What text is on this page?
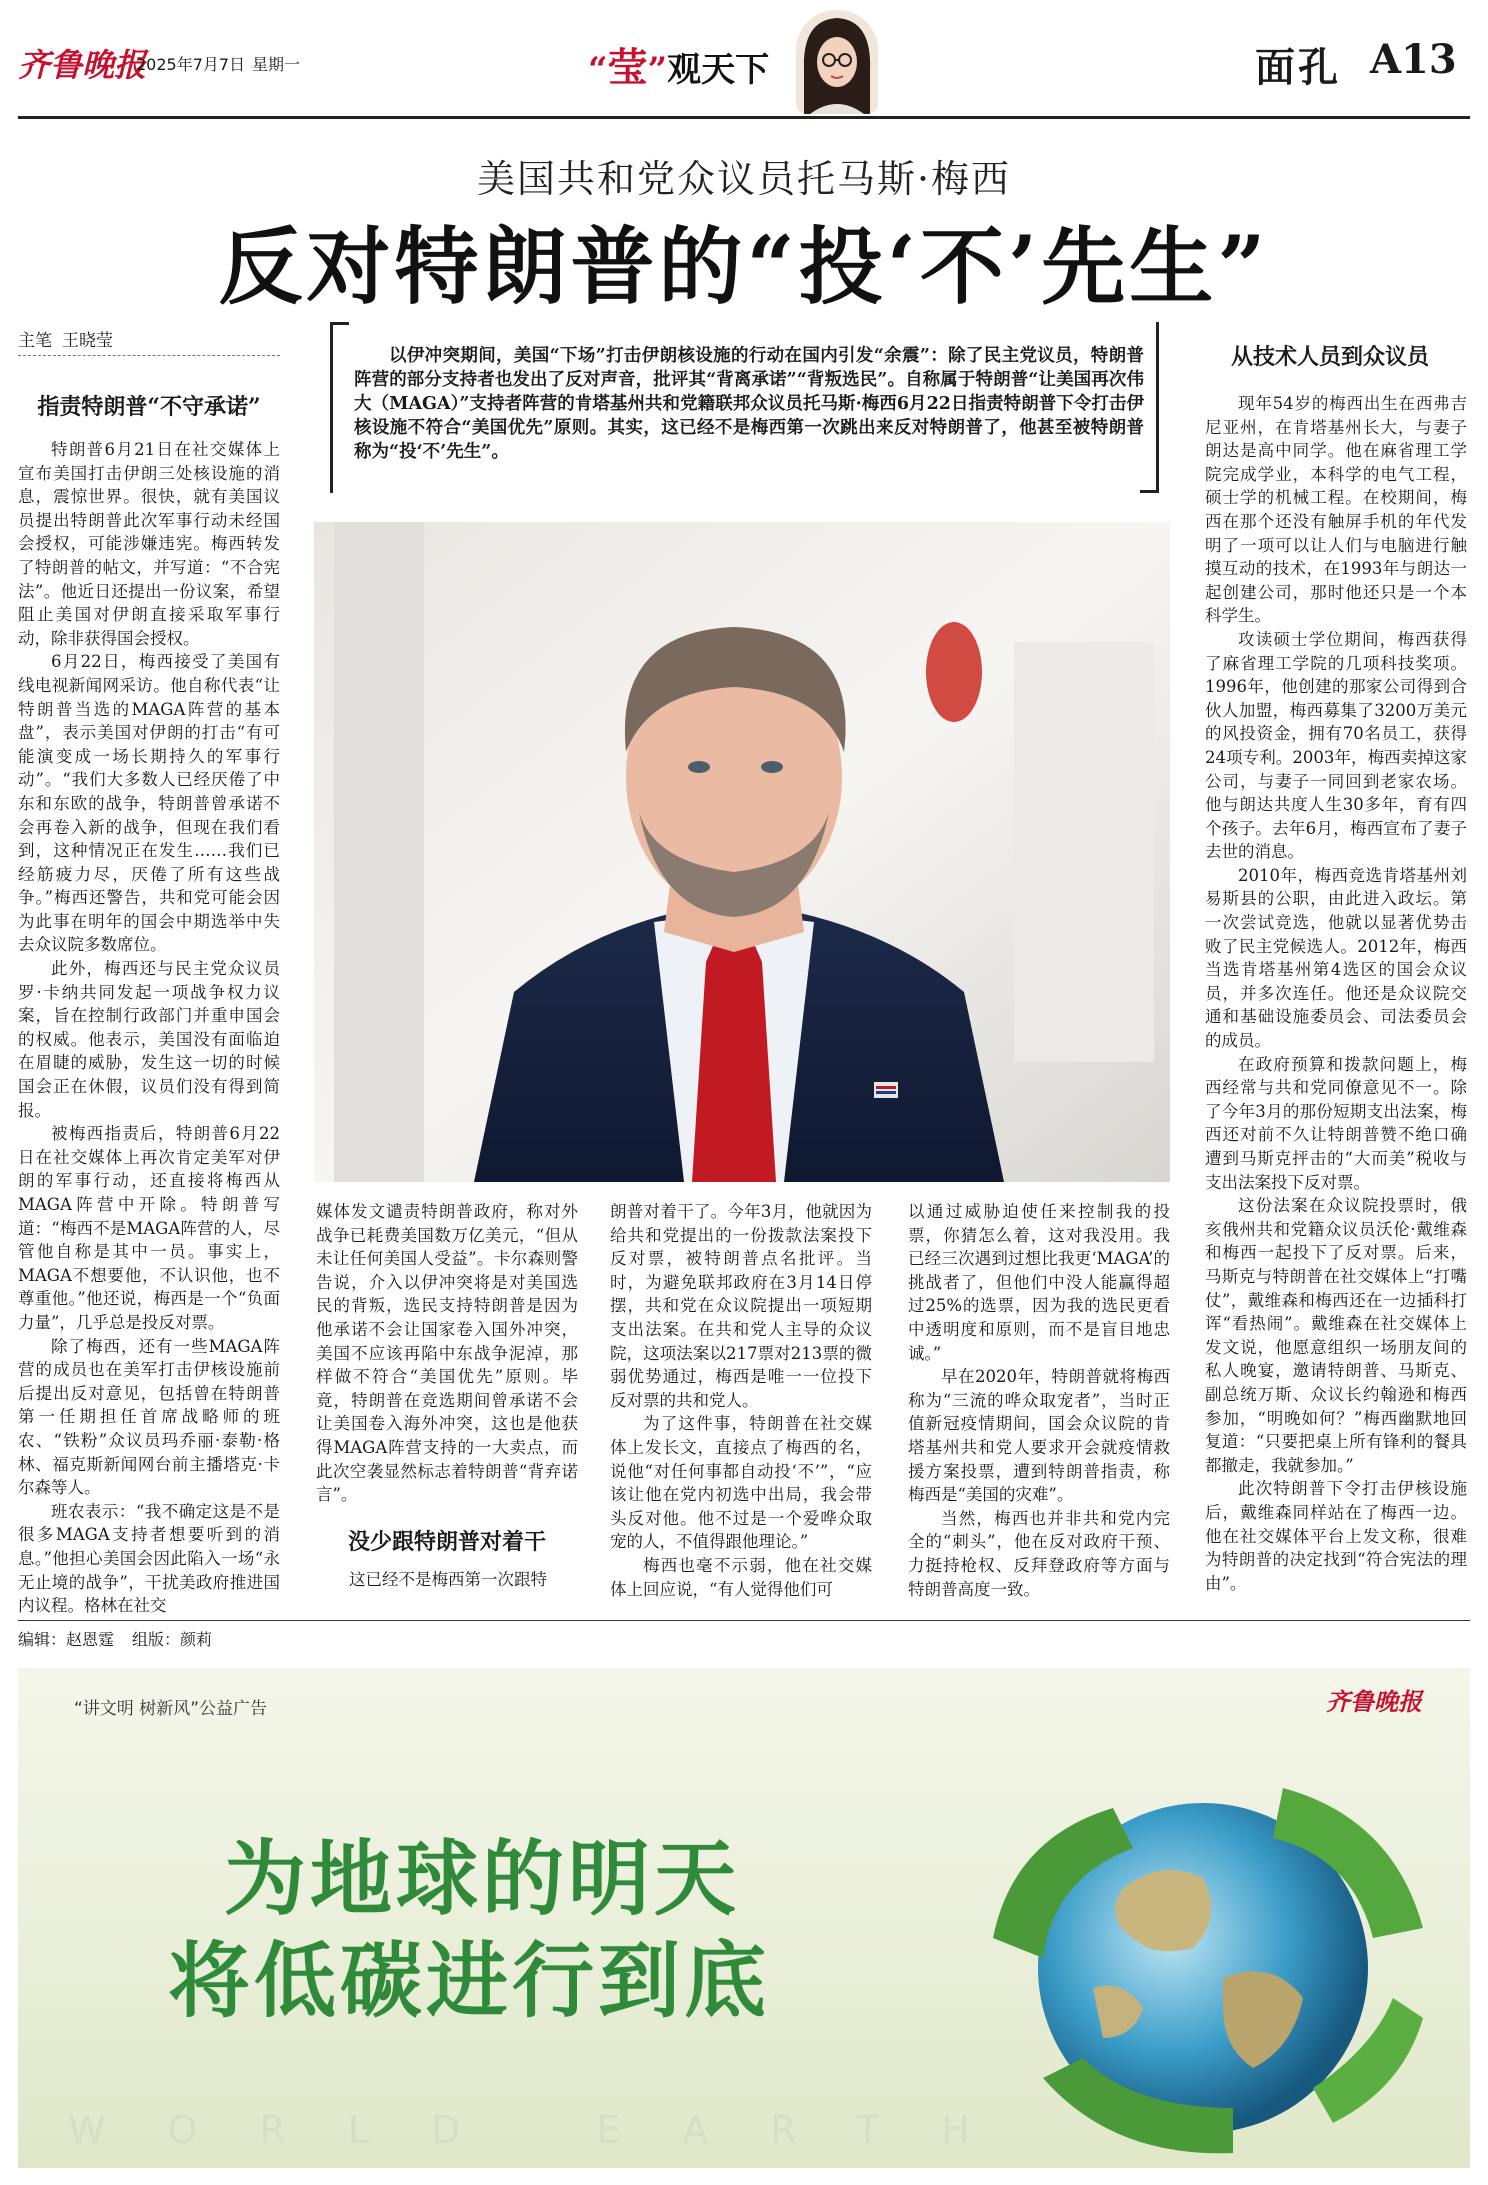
齐鲁晚报
2025年7月7日 星期一	“莹”观天下	面孔 A13
美国共和党众议员托马斯·梅西
反对特朗普的“投‘不’先生”
主笔 王晓莹
以伊冲突期间，美国“下场”打击伊朗核设施的行动在国内引发“余震”：除了民主党议员，特朗普阵营的部分支持者也发出了反对声音，批评其“背离承诺”“背叛选民”。自称属于特朗普“让美国再次伟大（MAGA）”支持者阵营的肯塔基州共和党籍联邦众议员托马斯·梅西6月22日指责特朗普下令打击伊核设施不符合“美国优先”原则。其实，这已经不是梅西第一次跳出来反对特朗普了，他甚至被特朗普称为“投‘不’先生”。
指责特朗普“不守承诺”

特朗普6月21日在社交媒体上宣布美国打击伊朗三处核设施的消息，震惊世界。很快，就有美国议员提出特朗普此次军事行动未经国会授权，可能涉嫌违宪。梅西转发了特朗普的帖文，并写道：“不合宪法”。他近日还提出一份议案，希望阻止美国对伊朗直接采取军事行动，除非获得国会授权。

6月22日，梅西接受了美国有线电视新闻网采访。他自称代表“让特朗普当选的MAGA阵营的基本盘”，表示美国对伊朗的打击“有可能演变成一场长期持久的军事行动”。“我们大多数人已经厌倦了中东和东欧的战争，特朗普曾承诺不会再卷入新的战争，但现在我们看到，这种情况正在发生……我们已经筋疲力尽，厌倦了所有这些战争。”梅西还警告，共和党可能会因为此事在明年的国会中期选举中失去众议院多数席位。

此外，梅西还与民主党众议员罗·卡纳共同发起一项战争权力议案，旨在控制行政部门并重申国会的权威。他表示，美国没有面临迫在眉睫的威胁，发生这一切的时候国会正在休假，议员们没有得到简报。

被梅西指责后，特朗普6月22日在社交媒体上再次肯定美军对伊朗的军事行动，还直接将梅西从MAGA阵营中开除。特朗普写道：“梅西不是MAGA阵营的人，尽管他自称是其中一员。事实上，MAGA不想要他，不认识他，也不尊重他。”他还说，梅西是一个“负面力量”，几乎总是投反对票。

除了梅西，还有一些MAGA阵营的成员也在美军打击伊核设施前后提出反对意见，包括曾在特朗普第一任期担任首席战略师的班农、“铁粉”众议员玛乔丽·泰勒·格林、福克斯新闻网台前主播塔克·卡尔森等人。

班农表示：“我不确定这是不是很多MAGA支持者想要听到的消息。”他担心美国会因此陷入一场“永无止境的战争”，干扰美政府推进国内议程。格林在社交

媒体发文谴责特朗普政府，称对外战争已耗费美国数万亿美元，“但从未让任何美国人受益”。卡尔森则警告说，介入以伊冲突将是对美国选民的背叛，选民支持特朗普是因为他承诺不会让国家卷入国外冲突，美国不应该再陷中东战争泥淖，那样做不符合“美国优先”原则。毕竟，特朗普在竞选期间曾承诺不会让美国卷入海外冲突，这也是他获得MAGA阵营支持的一大卖点，而此次空袭显然标志着特朗普“背弃诺言”。

没少跟特朗普对着干

这已经不是梅西第一次跟特

朗普对着干了。今年3月，他就因为给共和党提出的一份拨款法案投下反对票，被特朗普点名批评。当时，为避免联邦政府在3月14日停摆，共和党在众议院提出一项短期支出法案。在共和党人主导的众议院，这项法案以217票对213票的微弱优势通过，梅西是唯一一位投下反对票的共和党人。

为了这件事，特朗普在社交媒体上发长文，直接点了梅西的名，说他“对任何事都自动投‘不’”，“应该让他在党内初选中出局，我会带头反对他。他不过是一个爱哗众取宠的人，不值得跟他理论。”

梅西也毫不示弱，他在社交媒体上回应说，“有人觉得他们可

以通过威胁迫使任来控制我的投票，你猜怎么着，这对我没用。我已经三次遇到过想比我更‘MAGA’的挑战者了，但他们中没人能赢得超过25%的选票，因为我的选民更看中透明度和原则，而不是盲目地忠诚。”

早在2020年，特朗普就将梅西称为“三流的哗众取宠者”，当时正值新冠疫情期间，国会众议院的肯塔基州共和党人要求开会就疫情救援方案投票，遭到特朗普指责，称梅西是“美国的灾难”。

当然，梅西也并非共和党内完全的“刺头”，他在反对政府干预、力挺持枪权、反拜登政府等方面与特朗普高度一致。

从技术人员到众议员

现年54岁的梅西出生在西弗吉尼亚州，在肯塔基州长大，与妻子朗达是高中同学。他在麻省理工学院完成学业，本科学的电气工程，硕士学的机械工程。在校期间，梅西在那个还没有触屏手机的年代发明了一项可以让人们与电脑进行触摸互动的技术，在1993年与朗达一起创建公司，那时他还只是一个本科学生。

攻读硕士学位期间，梅西获得了麻省理工学院的几项科技奖项。1996年，他创建的那家公司得到合伙人加盟，梅西募集了3200万美元的风投资金，拥有70名员工，获得24项专利。2003年，梅西卖掉这家公司，与妻子一同回到老家农场。他与朗达共度人生30多年，育有四个孩子。去年6月，梅西宣布了妻子去世的消息。

2010年，梅西竞选肯塔基州刘易斯县的公职，由此进入政坛。第一次尝试竞选，他就以显著优势击败了民主党候选人。2012年，梅西当选肯塔基州第4选区的国会众议员，并多次连任。他还是众议院交通和基础设施委员会、司法委员会的成员。

在政府预算和拨款问题上，梅西经常与共和党同僚意见不一。除了今年3月的那份短期支出法案，梅西还对前不久让特朗普赞不绝口确遭到马斯克抨击的“大而美”税收与支出法案投下反对票。

这份法案在众议院投票时，俄亥俄州共和党籍众议员沃伦·戴维森和梅西一起投下了反对票。后来，马斯克与特朗普在社交媒体上“打嘴仗”，戴维森和梅西还在一边插科打诨“看热闹”。戴维森在社交媒体上发文说，他愿意组织一场朋友间的私人晚宴，邀请特朗普、马斯克、副总统万斯、众议长约翰逊和梅西参加，“明晚如何？”梅西幽默地回复道：“只要把桌上所有锋利的餐具都撤走，我就参加。”

此次特朗普下令打击伊核设施后，戴维森同样站在了梅西一边。他在社交媒体平台上发文称，很难为特朗普的决定找到“符合宪法的理由”。

编辑：赵恩霆 组版：颜莉
“讲文明 树新风”公益广告	齐鲁晚报
为地球的明天
将低碳进行到底
WORLD EARTH
